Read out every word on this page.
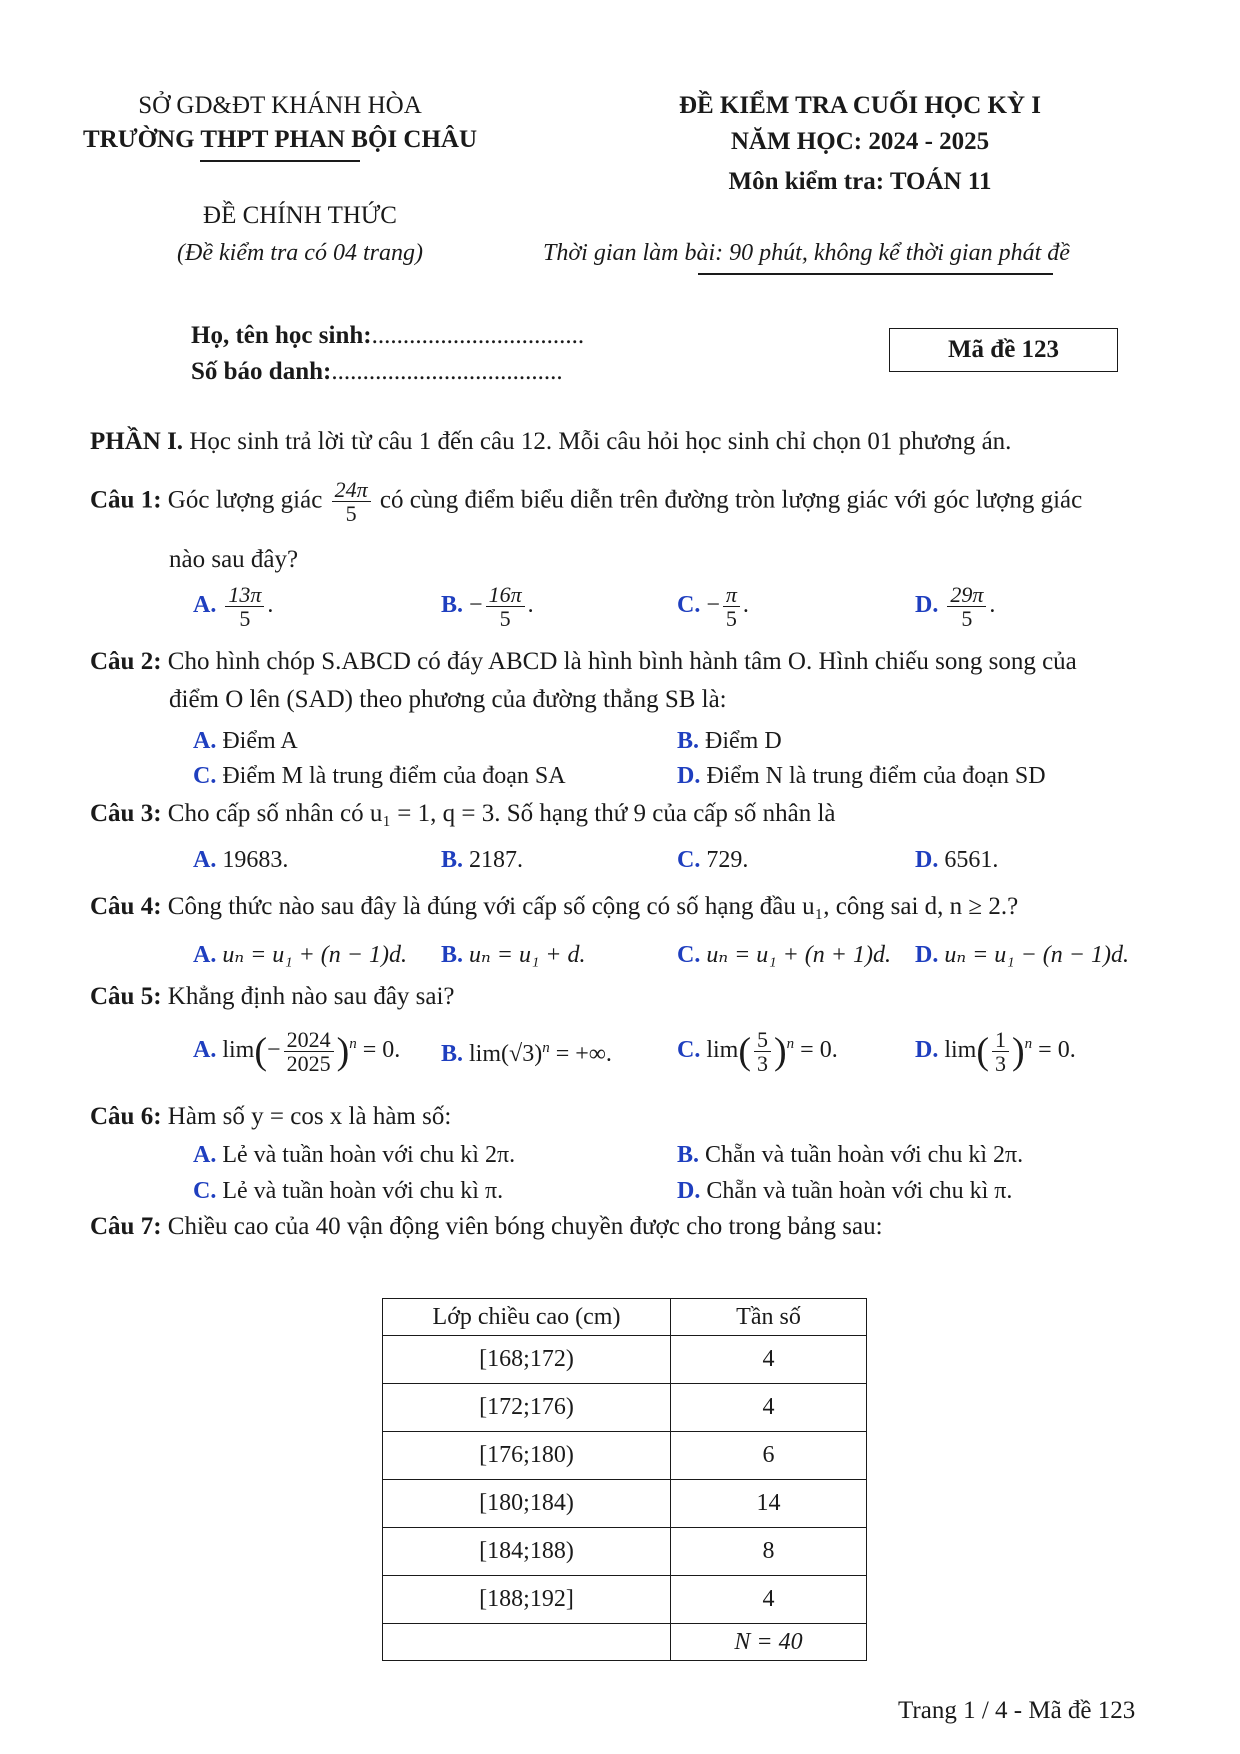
SỞ GD&ĐT KHÁNH HÒA
TRƯỜNG THPT PHAN BỘI CHÂU
ĐỀ KIỂM TRA CUỐI HỌC KỲ I
NĂM HỌC: 2024 - 2025
Môn kiểm tra: TOÁN 11
ĐỀ CHÍNH THỨC
(Đề kiểm tra có 04 trang)	Thời gian làm bài: 90 phút, không kể thời gian phát đề
Họ, tên học sinh:..................................
Số báo danh:.....................................
Mã đề 123
PHẦN I. Học sinh trả lời từ câu 1 đến câu 12. Mỗi câu hỏi học sinh chỉ chọn 01 phương án.
Câu 1: Góc lượng giác $\frac{24\pi}{5}$ có cùng điểm biểu diễn trên đường tròn lượng giác với góc lượng giác
nào sau đây?
A. $\frac{13\pi}{5}$ .	B. − $\frac{16\pi}{5}$ .	C. − $\frac{\pi}{5}$ .	D. $\frac{29\pi}{5}$ .
Câu 2: Cho hình chóp S.ABCD có đáy ABCD là hình bình hành tâm O. Hình chiếu song song của
điểm O lên (SAD) theo phương của đường thẳng SB là:
A. Điểm A	B. Điểm D
C. Điểm M là trung điểm của đoạn SA	D. Điểm N là trung điểm của đoạn SD
Câu 3: Cho cấp số nhân có u₁ = 1, q = 3. Số hạng thứ 9 của cấp số nhân là
A. 19683.	B. 2187.	C. 729.	D. 6561.
Câu 4: Công thức nào sau đây là đúng với cấp số cộng có số hạng đầu u₁, công sai d, n ≥ 2.?
A. uₙ = u₁ + (n − 1)d. B. uₙ = u₁ + d.	C. uₙ = u₁ + (n + 1)d. D. uₙ = u₁ − (n − 1)d.
Câu 5: Khẳng định nào sau đây sai?
A. $\lim(- \frac{2024}{2025} )^n = 0$. B. $\lim(√3)^n$ = +∞.	C. $\lim( \frac{5}{3} )^n = 0$.	D. $\lim( \frac{1}{3} )^n = 0$.
Câu 6: Hàm số y = cos x là hàm số:
A. Lẻ và tuần hoàn với chu kì 2π.	B. Chẵn và tuần hoàn với chu kì 2π.
C. Lẻ và tuần hoàn với chu kì π.	D. Chẵn và tuần hoàn với chu kì π.
Câu 7: Chiều cao của 40 vận động viên bóng chuyền được cho trong bảng sau:
Lớp chiều cao (cm)	Tần số
[168;172)	4
[172;176)	4
[176;180)	6
[180;184)	14
[184;188)	8
[188;192]	4
	N = 40
Trang 1 / 4 - Mã đề 123
